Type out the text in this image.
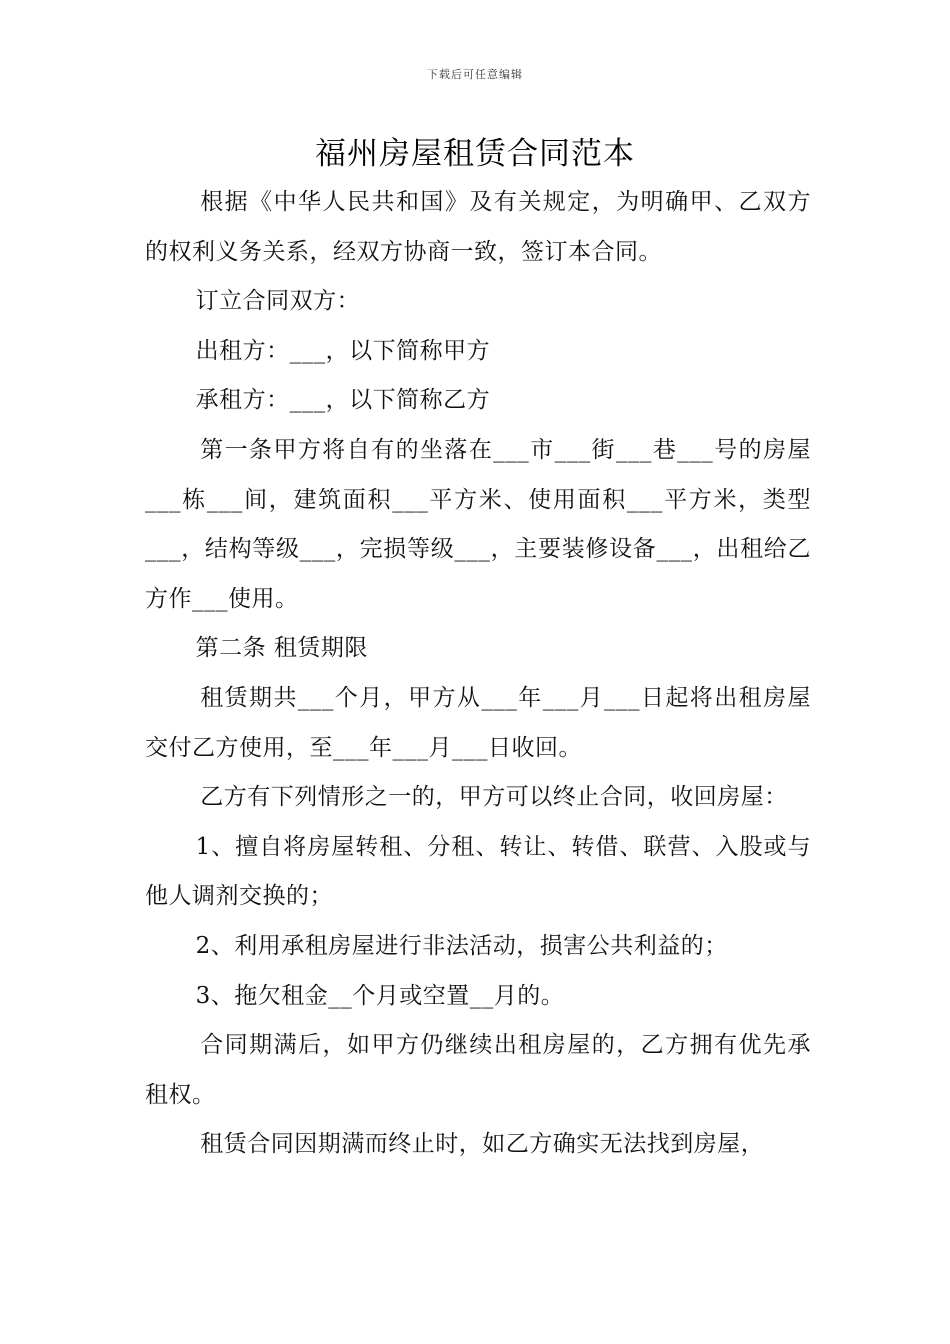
下载后可任意编辑
福州房屋租赁合同范本

根据《中华人民共和国》及有关规定，为明确甲、乙双方的权利义务关系，经双方协商一致，签订本合同。

订立合同双方：

出租方：___，以下简称甲方

承租方：___，以下简称乙方

第一条甲方将自有的坐落在___市___街___巷___号的房屋___栋___间，建筑面积___平方米、使用面积___平方米，类型___，结构等级___，完损等级___，主要装修设备___，出租给乙方作___使用。

第二条 租赁期限

租赁期共___个月，甲方从___年___月___日起将出租房屋交付乙方使用，至___年___月___日收回。

乙方有下列情形之一的，甲方可以终止合同，收回房屋：

1、擅自将房屋转租、分租、转让、转借、联营、入股或与他人调剂交换的；

2、利用承租房屋进行非法活动，损害公共利益的；

3、拖欠租金__个月或空置__月的。

合同期满后，如甲方仍继续出租房屋的，乙方拥有优先承租权。

租赁合同因期满而终止时，如乙方确实无法找到房屋，
